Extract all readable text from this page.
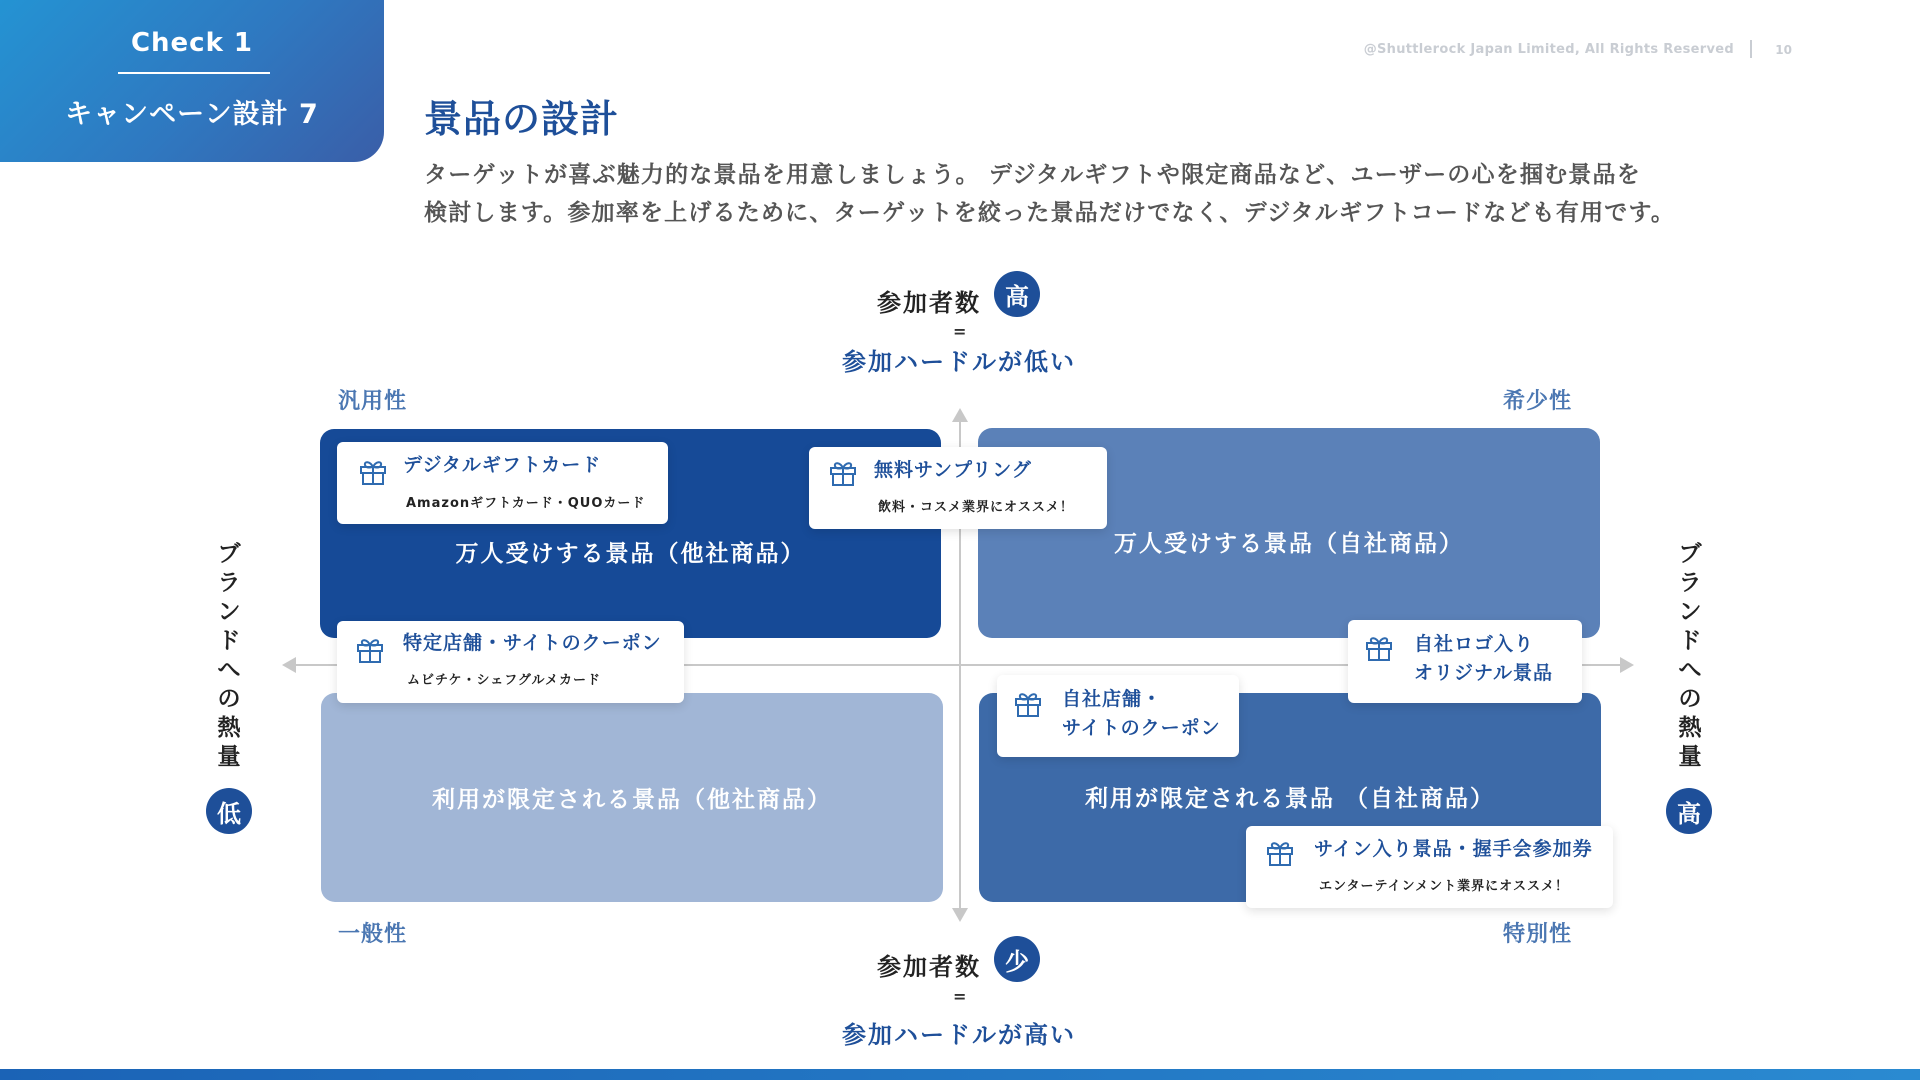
Check 1
キャンペーン設計 7
@Shuttlerock Japan Limited, All Rights Reserved	10
景品の設計
ターゲットが喜ぶ魅力的な景品を用意しましょう。 デジタルギフトや限定商品など、ユーザーの心を掴む景品を
検討します。参加率を上げるために、ターゲットを絞った景品だけでなく、デジタルギフトコードなども有用です。
万人受けする景品（他社商品）	万人受けする景品（自社商品）
利用が限定される景品（他社商品）	利用が限定される景品 （自社商品）
デジタルギフトカード
Amazonギフトカード・QUOカード
無料サンプリング
飲料・コスメ業界にオススメ！
特定店舗・サイトのクーポン
ムビチケ・シェフグルメカード
自社ロゴ入り
オリジナル景品
自社店舗・
サイトのクーポン
サイン入り景品・握手会参加券
エンターテインメント業界にオススメ！
汎用性	希少性
一般性	特別性
参加者数	高
=
参加ハードルが低い
参加者数	少
=
参加ハードルが高い
ブランドへの熱量
低
ブランドへの熱量
高
